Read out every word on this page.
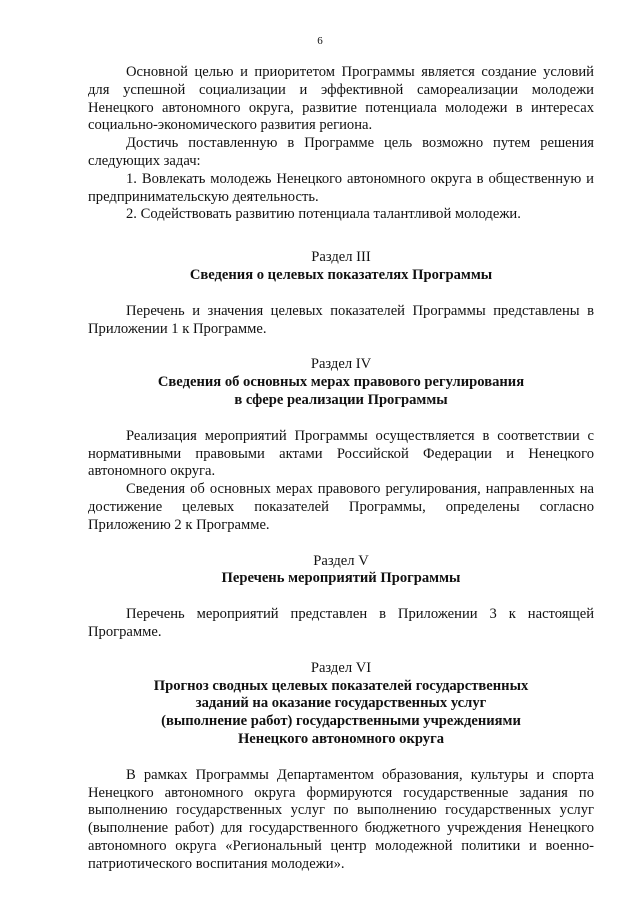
6

Основной целью и приоритетом Программы является создание условий для успешной социализации и эффективной самореализации молодежи Ненецкого автономного округа, развитие потенциала молодежи в интересах социально-экономического развития региона.

Достичь поставленную в Программе цель возможно путем решения следующих задач:

1. Вовлекать молодежь Ненецкого автономного округа в общественную и предпринимательскую деятельность.

2. Содействовать развитию потенциала талантливой молодежи.

Раздел III

Сведения о целевых показателях Программы

Перечень и значения целевых показателей Программы представлены в Приложении 1 к Программе.

Раздел IV

Сведения об основных мерах правового регулирования
в сфере реализации Программы

Реализация мероприятий Программы осуществляется в соответствии с нормативными правовыми актами Российской Федерации и Ненецкого автономного округа.

Сведения об основных мерах правового регулирования, направленных на достижение целевых показателей Программы, определены согласно Приложению 2 к Программе.

Раздел V

Перечень мероприятий Программы

Перечень мероприятий представлен в Приложении 3 к настоящей Программе.

Раздел VI

Прогноз сводных целевых показателей государственных
заданий на оказание государственных услуг
(выполнение работ) государственными учреждениями
Ненецкого автономного округа

В рамках Программы Департаментом образования, культуры и спорта Ненецкого автономного округа формируются государственные задания по выполнению государственных услуг по выполнению государственных услуг (выполнение работ) для государственного бюджетного учреждения Ненецкого автономного округа «Региональный центр молодежной политики и военно-патриотического воспитания молодежи».
